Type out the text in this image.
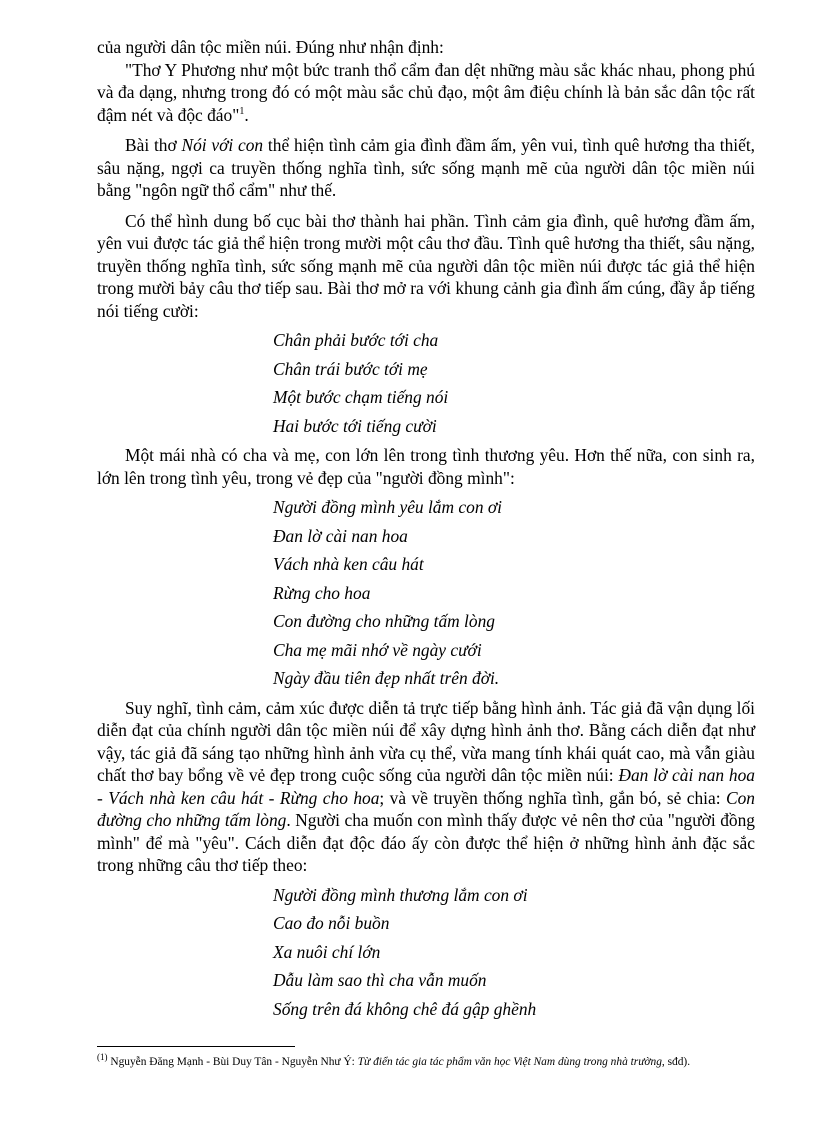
của người dân tộc miền núi. Đúng như nhận định:

"Thơ Y Phương như một bức tranh thổ cẩm đan dệt những màu sắc khác nhau, phong phú và đa dạng, nhưng trong đó có một màu sắc chủ đạo, một âm điệu chính là bản sắc dân tộc rất đậm nét và độc đáo"$^1$.

Bài thơ Nói với con thể hiện tình cảm gia đình đầm ấm, yên vui, tình quê hương tha thiết, sâu nặng, ngợi ca truyền thống nghĩa tình, sức sống mạnh mẽ của người dân tộc miền núi bằng "ngôn ngữ thổ cẩm" như thế.

Có thể hình dung bố cục bài thơ thành hai phần. Tình cảm gia đình, quê hương đầm ấm, yên vui được tác giả thể hiện trong mười một câu thơ đầu. Tình quê hương tha thiết, sâu nặng, truyền thống nghĩa tình, sức sống mạnh mẽ của người dân tộc miền núi được tác giả thể hiện trong mười bảy câu thơ tiếp sau. Bài thơ mở ra với khung cảnh gia đình ấm cúng, đầy ắp tiếng nói tiếng cười:

Chân phải bước tới cha
Chân trái bước tới mẹ
Một bước chạm tiếng nói
Hai bước tới tiếng cười

Một mái nhà có cha và mẹ, con lớn lên trong tình thương yêu. Hơn thế nữa, con sinh ra, lớn lên trong tình yêu, trong vẻ đẹp của "người đồng mình":

Người đồng mình yêu lắm con ơi
Đan lờ cài nan hoa
Vách nhà ken câu hát
Rừng cho hoa
Con đường cho những tấm lòng
Cha mẹ mãi nhớ về ngày cưới
Ngày đầu tiên đẹp nhất trên đời.

Suy nghĩ, tình cảm, cảm xúc được diễn tả trực tiếp bằng hình ảnh. Tác giả đã vận dụng lối diễn đạt của chính người dân tộc miền núi để xây dựng hình ảnh thơ. Bằng cách diễn đạt như vậy, tác giả đã sáng tạo những hình ảnh vừa cụ thể, vừa mang tính khái quát cao, mà vẫn giàu chất thơ bay bổng về vẻ đẹp trong cuộc sống của người dân tộc miền núi: Đan lờ cài nan hoa - Vách nhà ken câu hát - Rừng cho hoa; và về truyền thống nghĩa tình, gắn bó, sẻ chia: Con đường cho những tấm lòng. Người cha muốn con mình thấy được vẻ nên thơ của "người đồng mình" để mà "yêu". Cách diễn đạt độc đáo ấy còn được thể hiện ở những hình ảnh đặc sắc trong những câu thơ tiếp theo:

Người đồng mình thương lắm con ơi
Cao đo nỗi buồn
Xa nuôi chí lớn
Dẫu làm sao thì cha vẫn muốn
Sống trên đá không chê đá gập ghềnh
$^{(1)}$ Nguyễn Đăng Mạnh - Bùi Duy Tân - Nguyễn Như Ý: Từ điển tác gia tác phẩm văn học Việt Nam dùng trong nhà trường, sđd).
